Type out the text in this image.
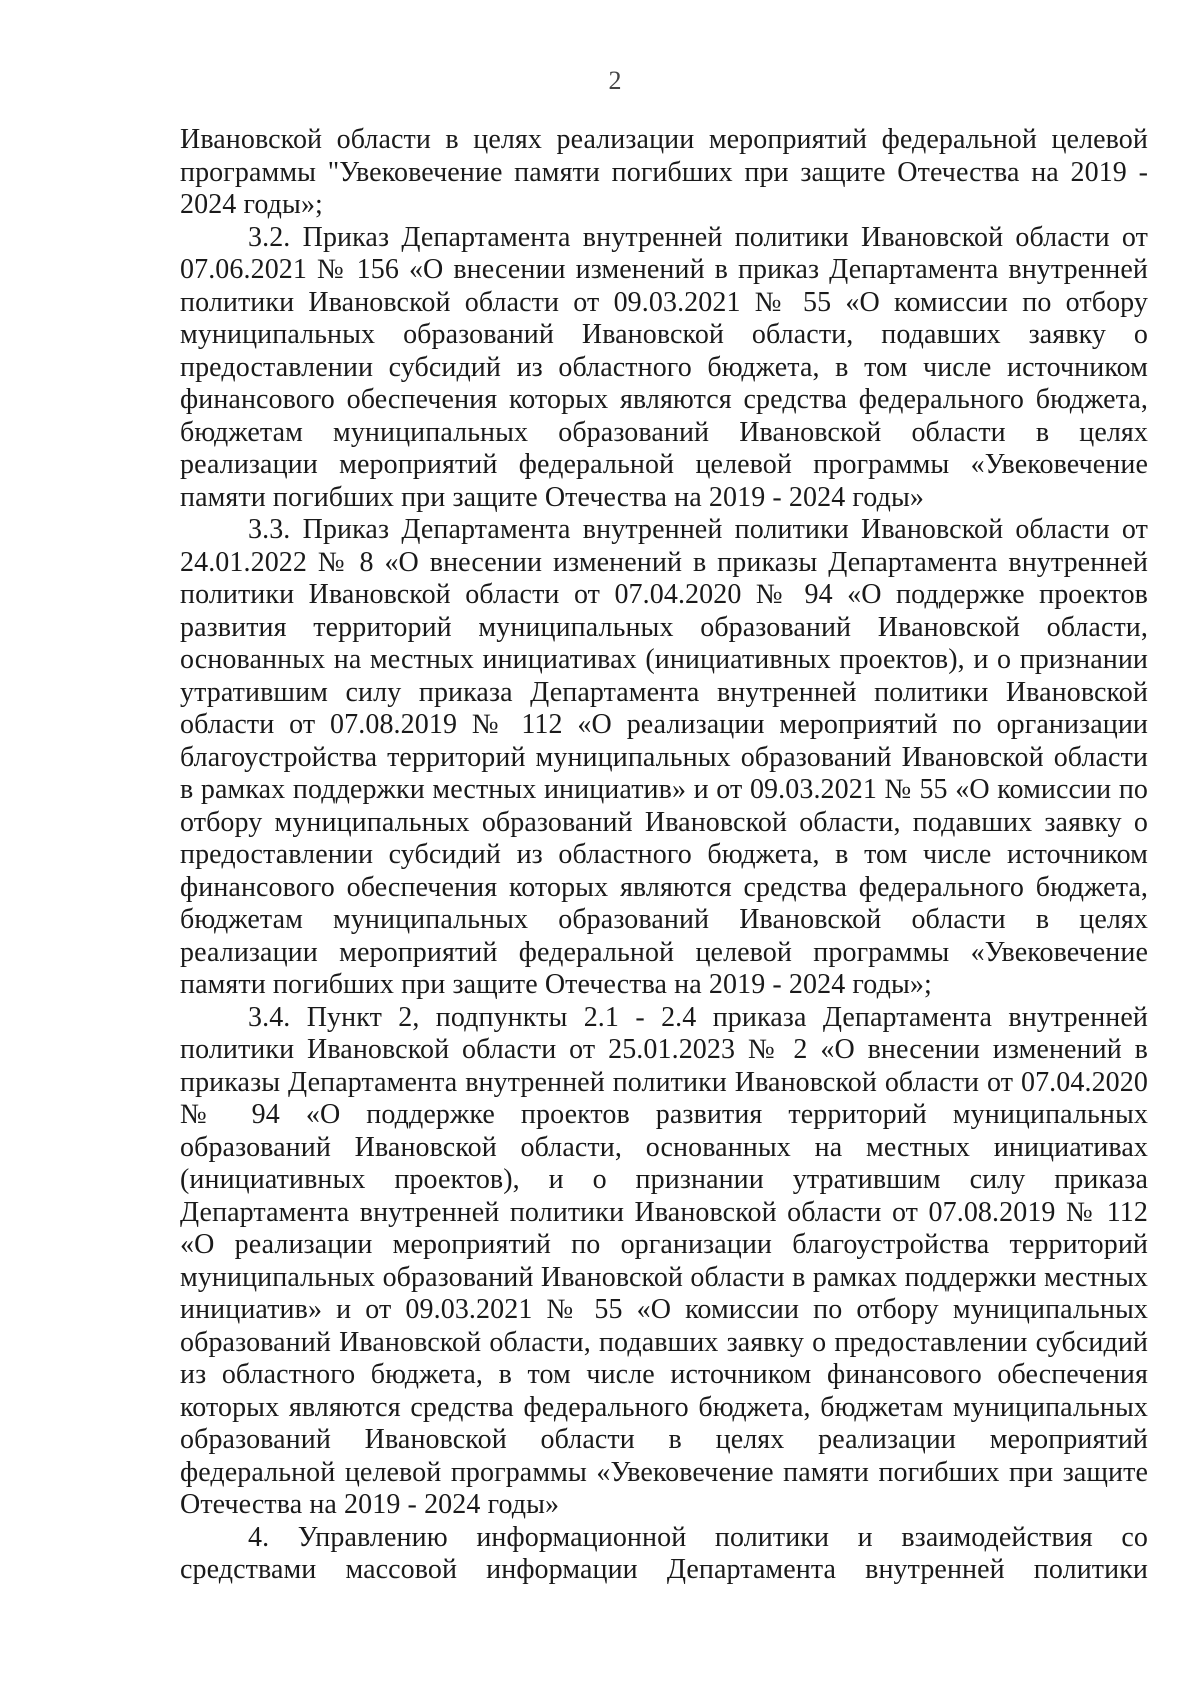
2

Ивановской области в целях реализации мероприятий федеральной целевой программы "Увековечение памяти погибших при защите Отечества на 2019 - 2024 годы»;

3.2. Приказ Департамента внутренней политики Ивановской области от 07.06.2021 № 156 «О внесении изменений в приказ Департамента внутренней политики Ивановской области от 09.03.2021 № 55 «О комиссии по отбору муниципальных образований Ивановской области, подавших заявку о предоставлении субсидий из областного бюджета, в том числе источником финансового обеспечения которых являются средства федерального бюджета, бюджетам муниципальных образований Ивановской области в целях реализации мероприятий федеральной целевой программы «Увековечение памяти погибших при защите Отечества на 2019 - 2024 годы»

3.3. Приказ Департамента внутренней политики Ивановской области от 24.01.2022 № 8 «О внесении изменений в приказы Департамента внутренней политики Ивановской области от 07.04.2020 № 94 «О поддержке проектов развития территорий муниципальных образований Ивановской области, основанных на местных инициативах (инициативных проектов), и о признании утратившим силу приказа Департамента внутренней политики Ивановской области от 07.08.2019 № 112 «О реализации мероприятий по организации благоустройства территорий муниципальных образований Ивановской области в рамках поддержки местных инициатив» и от 09.03.2021 № 55 «О комиссии по отбору муниципальных образований Ивановской области, подавших заявку о предоставлении субсидий из областного бюджета, в том числе источником финансового обеспечения которых являются средства федерального бюджета, бюджетам муниципальных образований Ивановской области в целях реализации мероприятий федеральной целевой программы «Увековечение памяти погибших при защите Отечества на 2019 - 2024 годы»;

3.4. Пункт 2, подпункты 2.1 - 2.4 приказа Департамента внутренней политики Ивановской области от 25.01.2023 № 2 «О внесении изменений в приказы Департамента внутренней политики Ивановской области от 07.04.2020 № 94 «О поддержке проектов развития территорий муниципальных образований Ивановской области, основанных на местных инициативах (инициативных проектов), и о признании утратившим силу приказа Департамента внутренней политики Ивановской области от 07.08.2019 № 112 «О реализации мероприятий по организации благоустройства территорий муниципальных образований Ивановской области в рамках поддержки местных инициатив» и от 09.03.2021 № 55 «О комиссии по отбору муниципальных образований Ивановской области, подавших заявку о предоставлении субсидий из областного бюджета, в том числе источником финансового обеспечения которых являются средства федерального бюджета, бюджетам муниципальных образований Ивановской области в целях реализации мероприятий федеральной целевой программы «Увековечение памяти погибших при защите Отечества на 2019 - 2024 годы»

4. Управлению информационной политики и взаимодействия со средствами массовой информации Департамента внутренней политики
